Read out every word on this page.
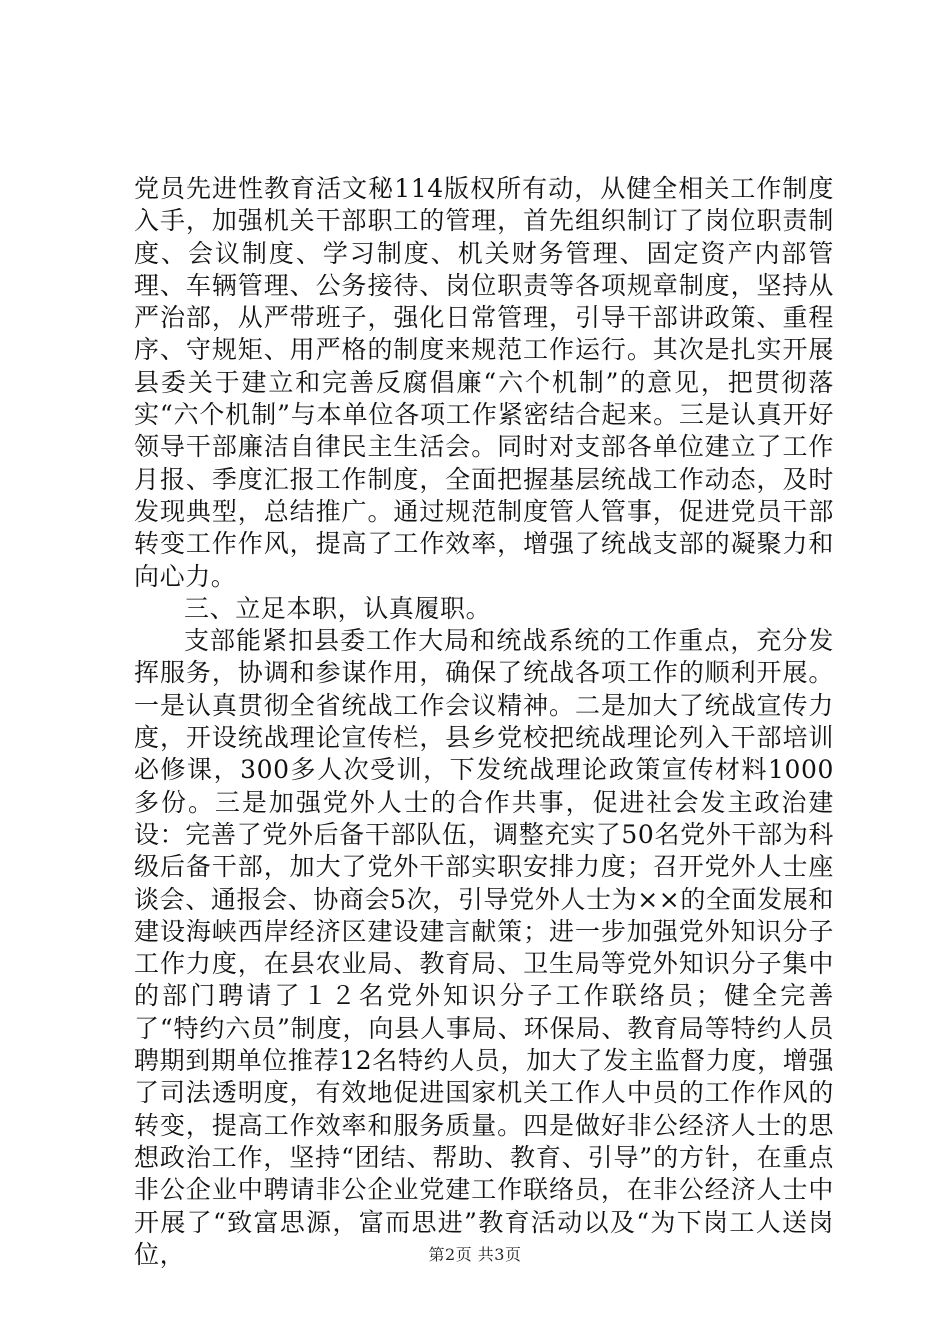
党员先进性教育活文秘114版权所有动，从健全相关工作制度入手，加强机关干部职工的管理，首先组织制订了岗位职责制度、会议制度、学习制度、机关财务管理、固定资产内部管理、车辆管理、公务接待、岗位职责等各项规章制度，坚持从严治部，从严带班子，强化日常管理，引导干部讲政策、重程序、守规矩、用严格的制度来规范工作运行。其次是扎实开展县委关于建立和完善反腐倡廉“六个机制”的意见，把贯彻落实“六个机制”与本单位各项工作紧密结合起来。三是认真开好领导干部廉洁自律民主生活会。同时对支部各单位建立了工作月报、季度汇报工作制度，全面把握基层统战工作动态，及时发现典型，总结推广。通过规范制度管人管事，促进党员干部转变工作作风，提高了工作效率，增强了统战支部的凝聚力和向心力。

三、立足本职，认真履职。

支部能紧扣县委工作大局和统战系统的工作重点，充分发挥服务，协调和参谋作用，确保了统战各项工作的顺利开展。一是认真贯彻全省统战工作会议精神。二是加大了统战宣传力度，开设统战理论宣传栏，县乡党校把统战理论列入干部培训必修课，300多人次受训，下发统战理论政策宣传材料1000多份。三是加强党外人士的合作共事，促进社会发主政治建设：完善了党外后备干部队伍，调整充实了50名党外干部为科级后备干部，加大了党外干部实职安排力度；召开党外人士座谈会、通报会、协商会5次，引导党外人士为××的全面发展和建设海峡西岸经济区建设建言献策；进一步加强党外知识分子工作力度，在县农业局、教育局、卫生局等党外知识分子集中的部门聘请了１２名党外知识分子工作联络员；健全完善了“特约六员”制度，向县人事局、环保局、教育局等特约人员聘期到期单位推荐12名特约人员，加大了发主监督力度，增强了司法透明度，有效地促进国家机关工作人中员的工作作风的转变，提高工作效率和服务质量。四是做好非公经济人士的思想政治工作，坚持“团结、帮助、教育、引导”的方针，在重点非公企业中聘请非公企业党建工作联络员，在非公经济人士中开展了“致富思源，富而思进”教育活动以及“为下岗工人送岗位，	第2页 共3页
